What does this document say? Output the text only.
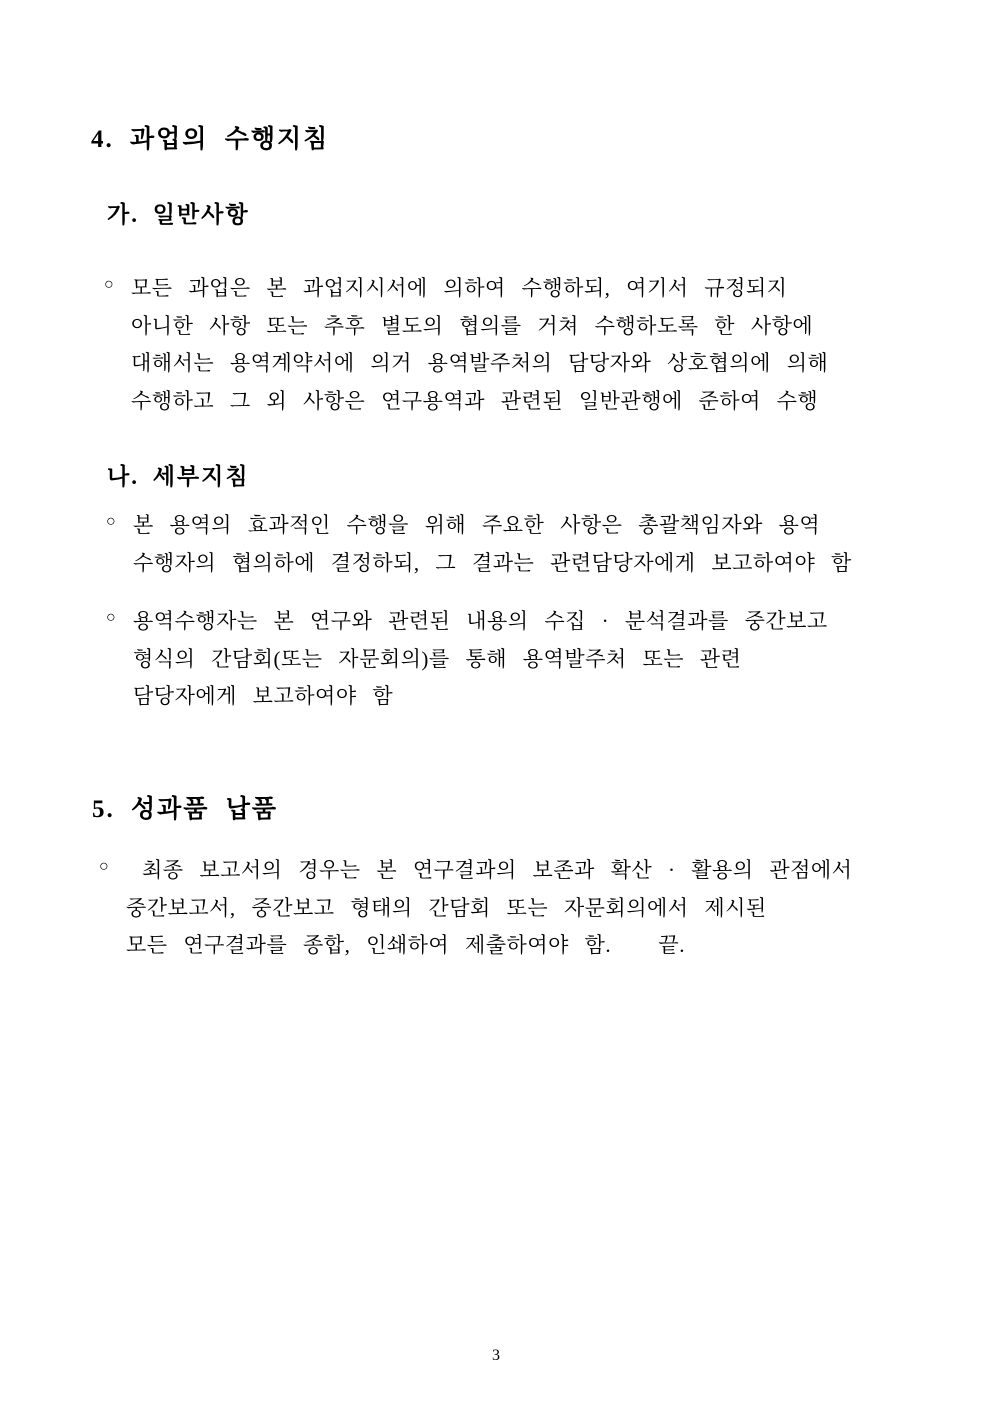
4. 과업의 수행지침
가. 일반사항
○ 모든 과업은 본 과업지시서에 의하여 수행하되, 여기서 규정되지
아니한 사항 또는 추후 별도의 협의를 거쳐 수행하도록 한 사항에
대해서는 용역계약서에 의거 용역발주처의 담당자와 상호협의에 의해
수행하고 그 외 사항은 연구용역과 관련된 일반관행에 준하여 수행
나. 세부지침
○ 본 용역의 효과적인 수행을 위해 주요한 사항은 총괄책임자와 용역
수행자의 협의하에 결정하되, 그 결과는 관련담당자에게 보고하여야 함
○ 용역수행자는 본 연구와 관련된 내용의 수집 · 분석결과를 중간보고
형식의 간담회(또는 자문회의)를 통해 용역발주처 또는 관련
담당자에게 보고하여야 함
5. 성과품 납품
○	최종 보고서의 경우는 본 연구결과의 보존과 확산 · 활용의 관점에서
중간보고서, 중간보고 형태의 간담회 또는 자문회의에서 제시된
모든 연구결과를 종합, 인쇄하여 제출하여야 함.   끝.
3
